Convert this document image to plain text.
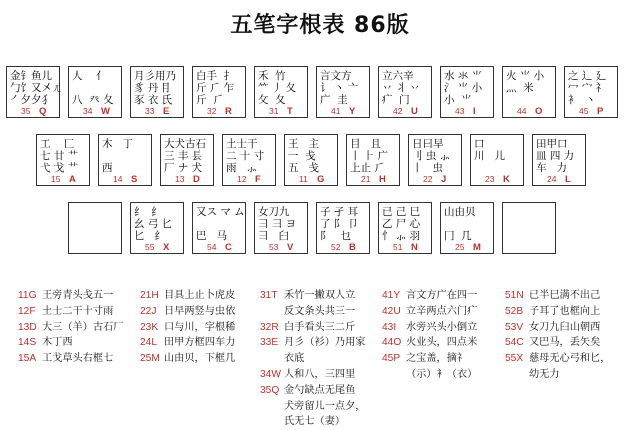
五笔字根表 86版
金钅鱼儿
勹饣又㐅ㄦ
㇒夕夕犭
35 Q
人    亻

八  癶 夂
34 W
月彡用乃
豸 丹 ⺝
豕 衣 氏
33 E
白手  扌
斤 ⺁ 乍
斤  ⺁
32 R
禾  竹
⺮ 丿 夂
攵  夂
31 T
言文方
讠 丶 亠
广  圭
41 Y
立六辛
丷 丬 丷
疒  门
42 U
水 氺 ⺌
氵 ⺌ 小
小  ⺌
43 I
火 ⺌ 小
灬  米

44 O
之 辶 廴
冖 宀 礻
衤  丶
45 P
工    匚
七 廿 艹
弋 戈 艹
15 A
木   丁

西
14 S
大犬古石
三 丰 镸
厂 ナ 犬
13 D
土士干
二 十 寸
雨   ⺗
12 F
王   主
一  戋
五   戋
11 G
目   且
丨 ⺊ 广
上止 ⺁
21 H
日曰早
刂 虫 ⺗
丨   虫
22 J
口
川   儿

23 K
田甲口
皿 四 力
车   力
24 L
纟  纟
幺 弓 匕
匕   纟
55 X
又ス マ ム

巴   马
54 C
女刀九
⺕ 彐 ヨ
彐   臼
53 V
子 孑 耳
了 阝 卩
阝   乜
52 B
已 己 巳
乙 尸 心
忄 ⺗ 羽
51 N
山由贝

冂  几
25 M
11G 王旁青头戋五一
12F 土士二干十寸雨
13D 大三（羊）古石厂
14S 木丁西
15A 工戈草头右框七
21H 目具上止卜虎皮
22J 日早两竖与虫依
23K 口与川，字根稀
24L 田甲方框四车力
25M 山由贝，下框几
31T 禾竹一撇双人立
反文条头共三一
32R 白手看头三二斤
33E 月彡（衫）乃用家
衣底
34W 人和八，三四里
35Q 金勺缺点无尾鱼
犬旁留儿一点夕，
氏无七（妻）
41Y 言文方广在四一
42U 立辛两点六门疒
43I 水旁兴头小倒立
44O 火业头，四点米
45P 之宝盖，摘礻
（示）衤（衣）
51N 已半巳满不出己
52B 子耳了也框向上
53V 女刀九臼山朝西
54C 又巴马，丢矢矣
55X 慈母无心弓和匕，
幼无力
